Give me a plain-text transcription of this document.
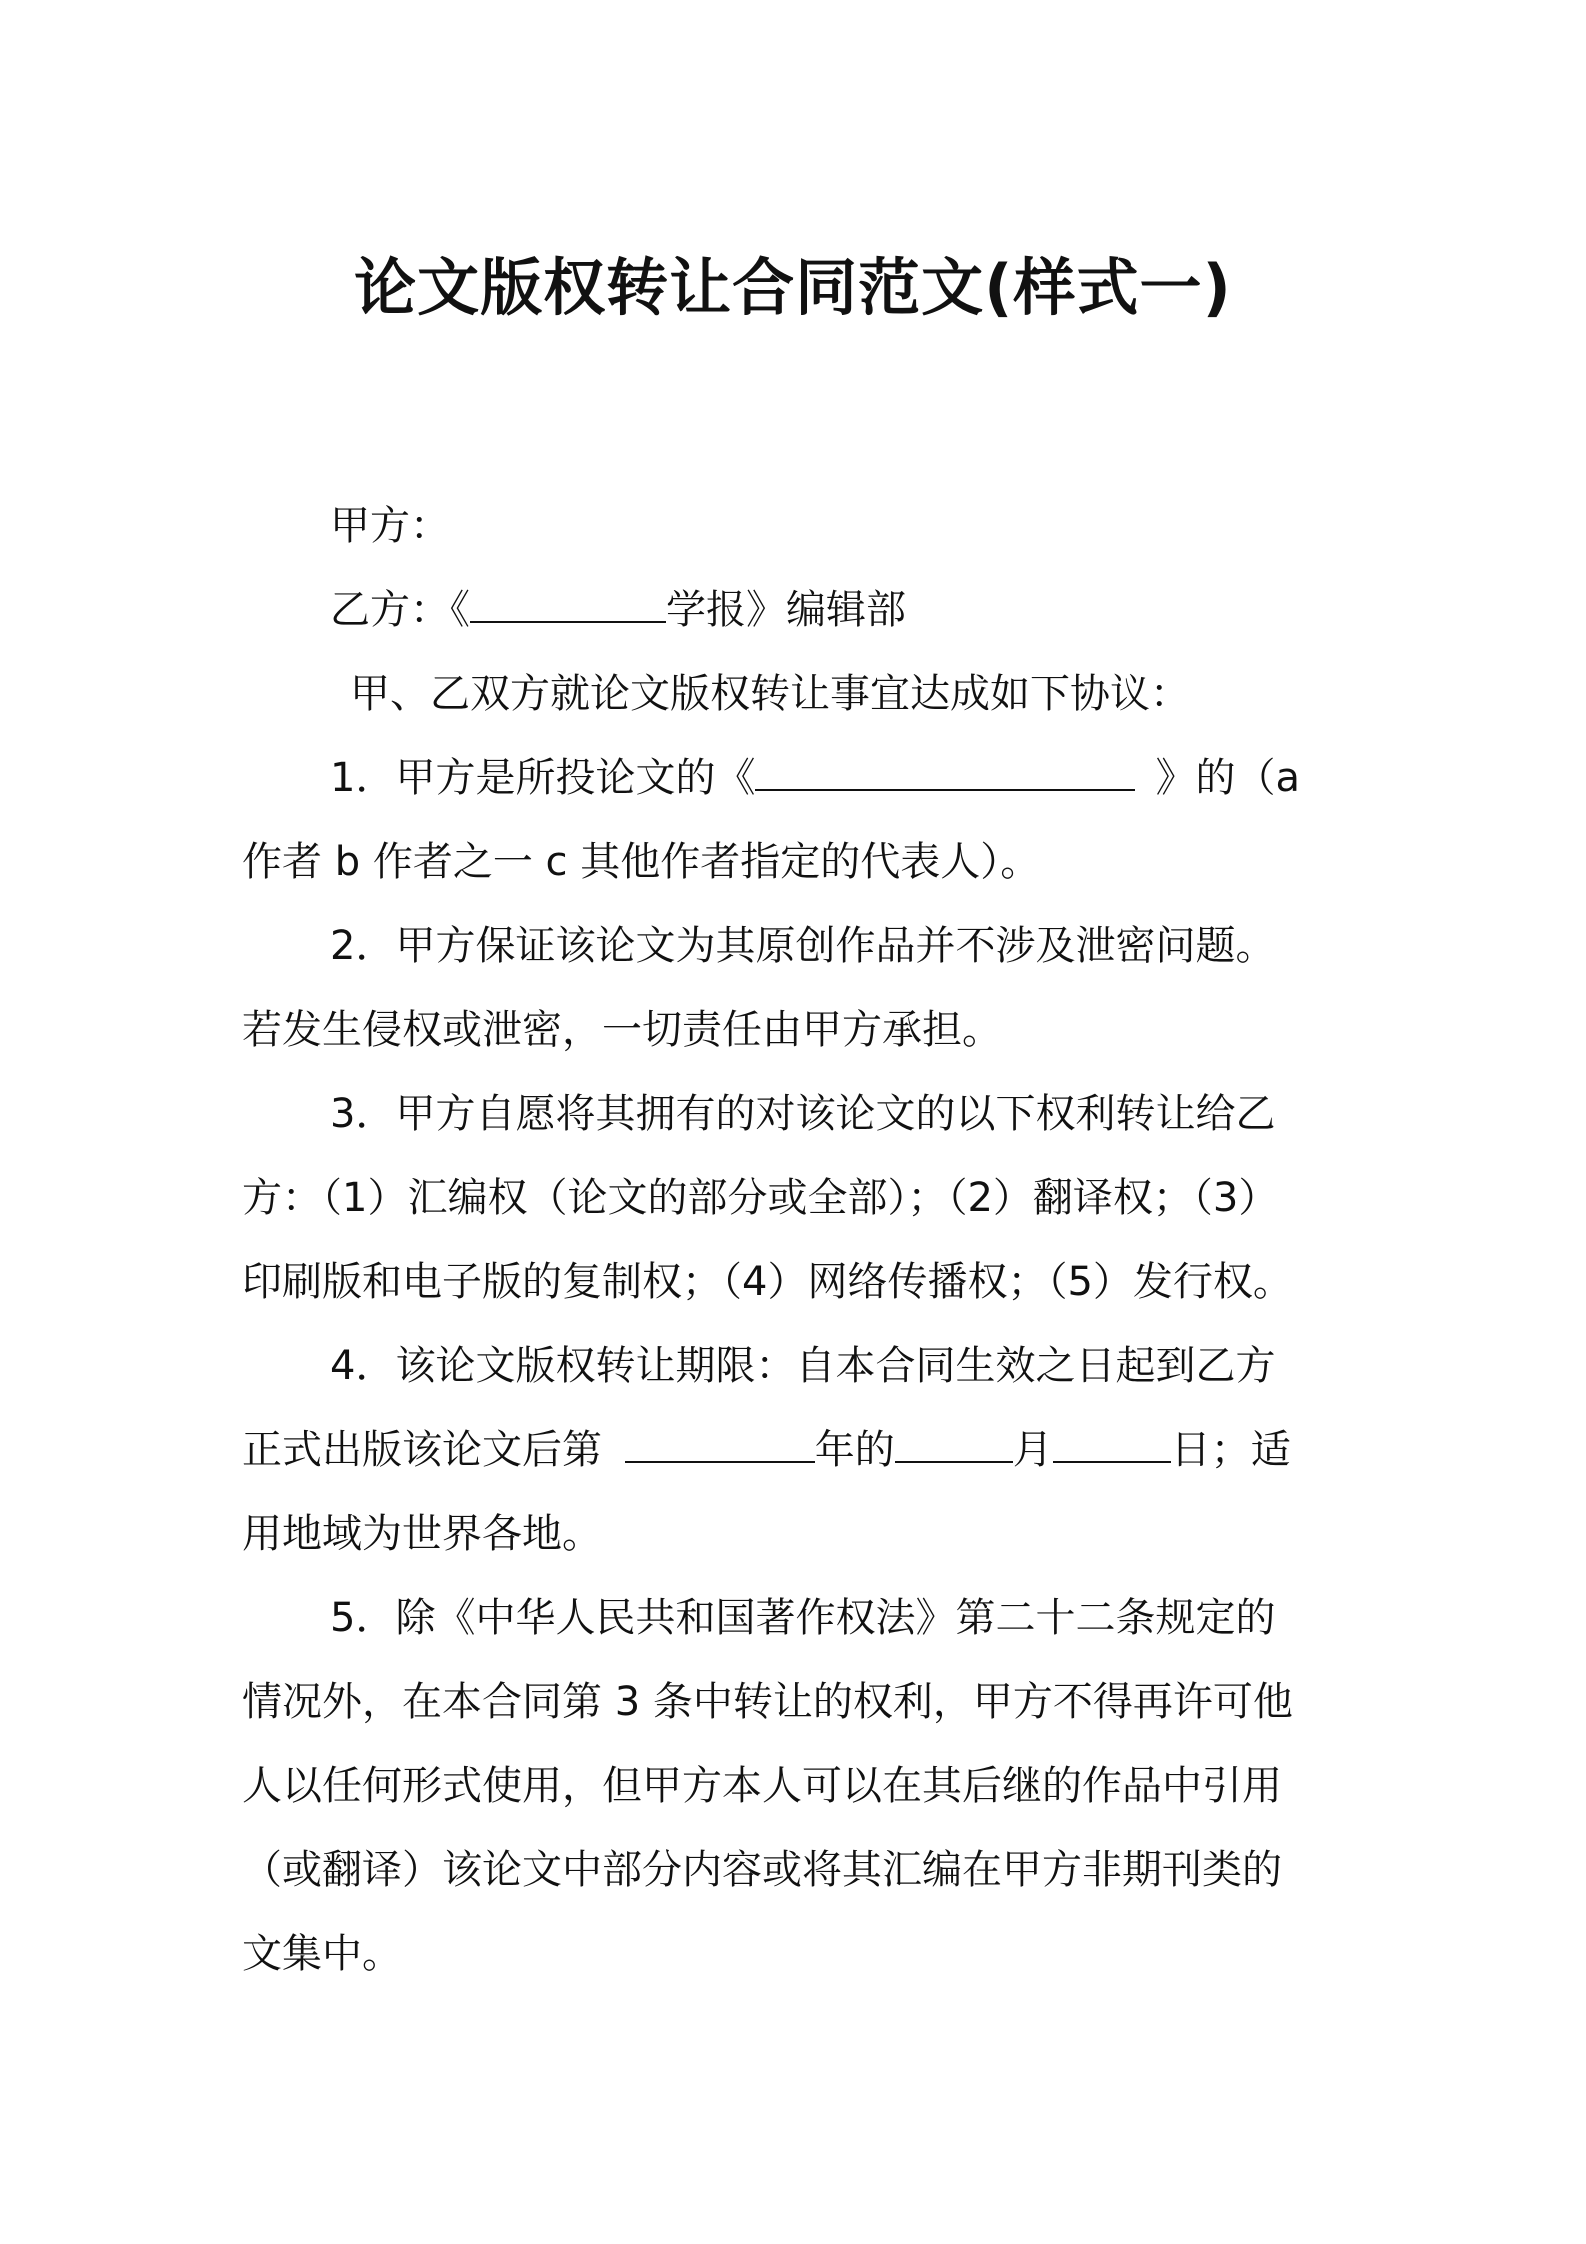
论文版权转让合同范文(样式一)
甲方：
乙方：《	学报》编辑部
甲、乙双方就论文版权转让事宜达成如下协议：
1．甲方是所投论文的《	》的（a
作者 b 作者之一 c 其他作者指定的代表人）。
2．甲方保证该论文为其原创作品并不涉及泄密问题。
若发生侵权或泄密，一切责任由甲方承担。
3．甲方自愿将其拥有的对该论文的以下权利转让给乙
方：（1）汇编权（论文的部分或全部）；（2）翻译权；（3）
印刷版和电子版的复制权；（4）网络传播权；（5）发行权。
4．该论文版权转让期限：自本合同生效之日起到乙方
正式出版该论文后第	年的	月	日；适
用地域为世界各地。
5．除《中华人民共和国著作权法》第二十二条规定的
情况外，在本合同第 3 条中转让的权利，甲方不得再许可他
人以任何形式使用，但甲方本人可以在其后继的作品中引用
（或翻译）该论文中部分内容或将其汇编在甲方非期刊类的
文集中。
